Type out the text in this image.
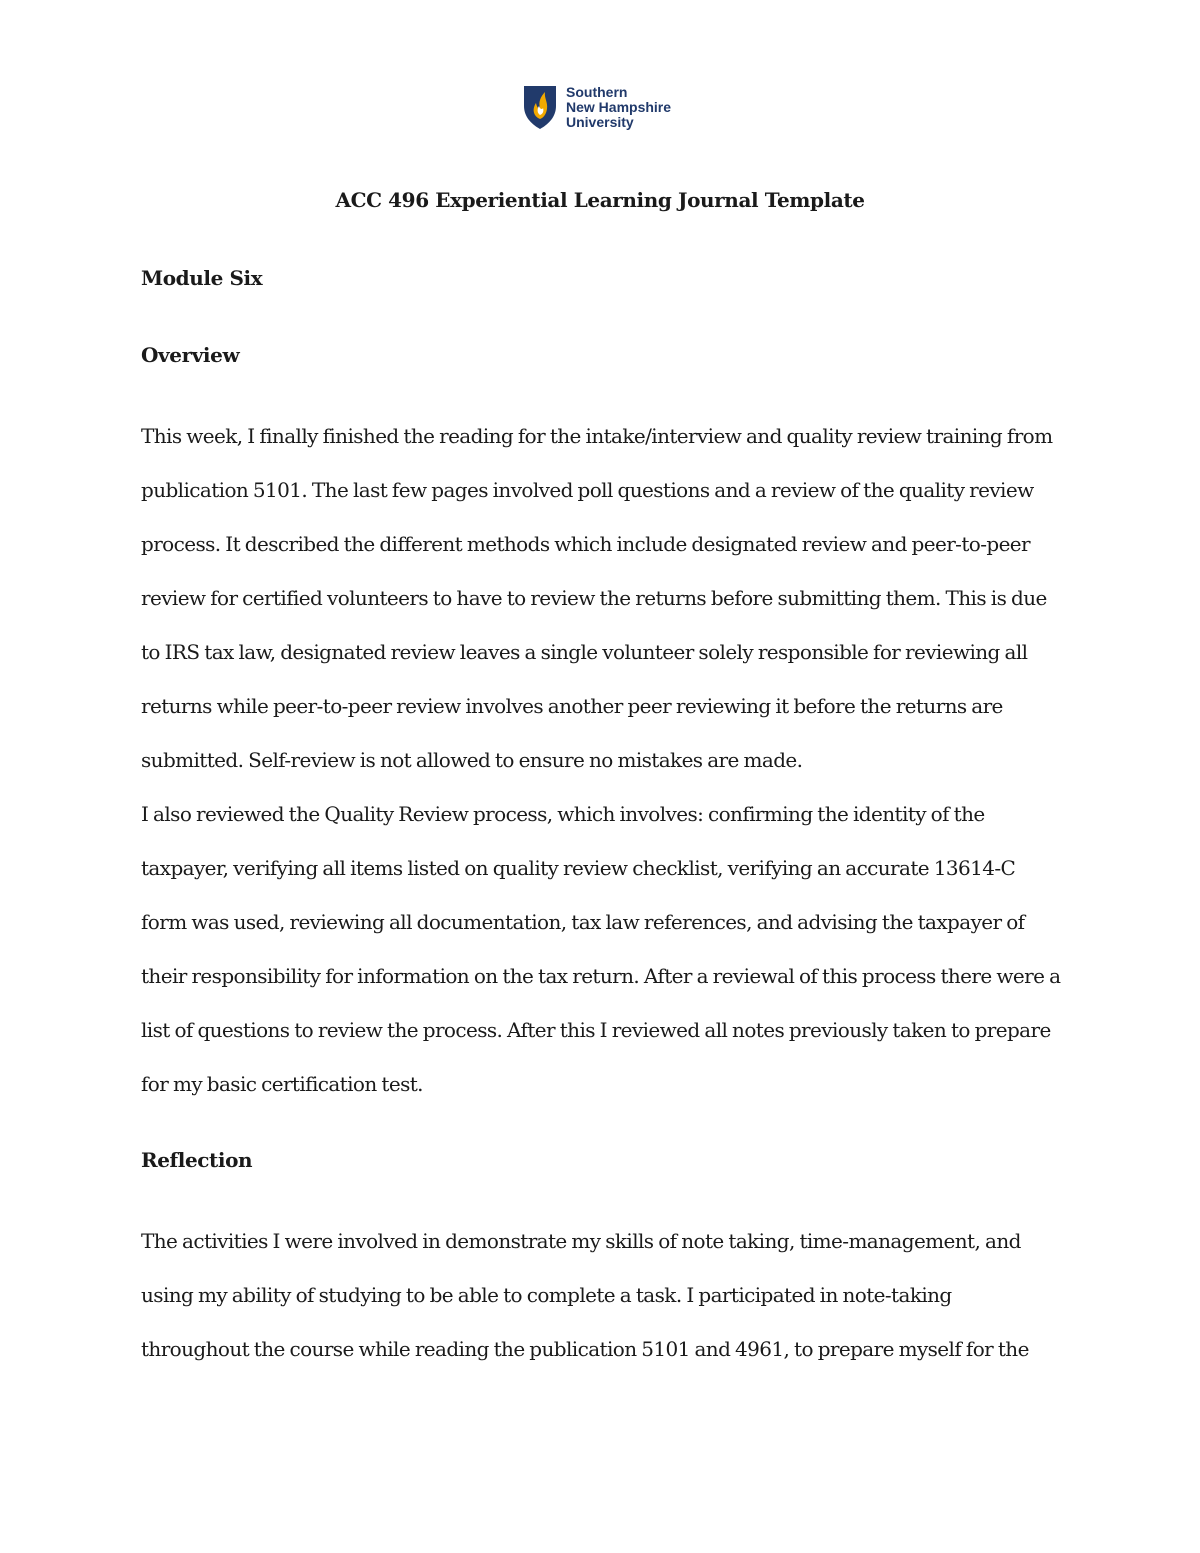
Southern
New Hampshire
University
ACC 496 Experiential Learning Journal Template
Module Six
Overview
This week, I finally finished the reading for the intake/interview and quality review training from
publication 5101. The last few pages involved poll questions and a review of the quality review
process. It described the different methods which include designated review and peer-to-peer
review for certified volunteers to have to review the returns before submitting them. This is due
to IRS tax law, designated review leaves a single volunteer solely responsible for reviewing all
returns while peer-to-peer review involves another peer reviewing it before the returns are
submitted. Self-review is not allowed to ensure no mistakes are made.
I also reviewed the Quality Review process, which involves: confirming the identity of the
taxpayer, verifying all items listed on quality review checklist, verifying an accurate 13614-C
form was used, reviewing all documentation, tax law references, and advising the taxpayer of
their responsibility for information on the tax return. After a reviewal of this process there were a
list of questions to review the process. After this I reviewed all notes previously taken to prepare
for my basic certification test.
Reflection
The activities I were involved in demonstrate my skills of note taking, time-management, and
using my ability of studying to be able to complete a task. I participated in note-taking
throughout the course while reading the publication 5101 and 4961, to prepare myself for the
